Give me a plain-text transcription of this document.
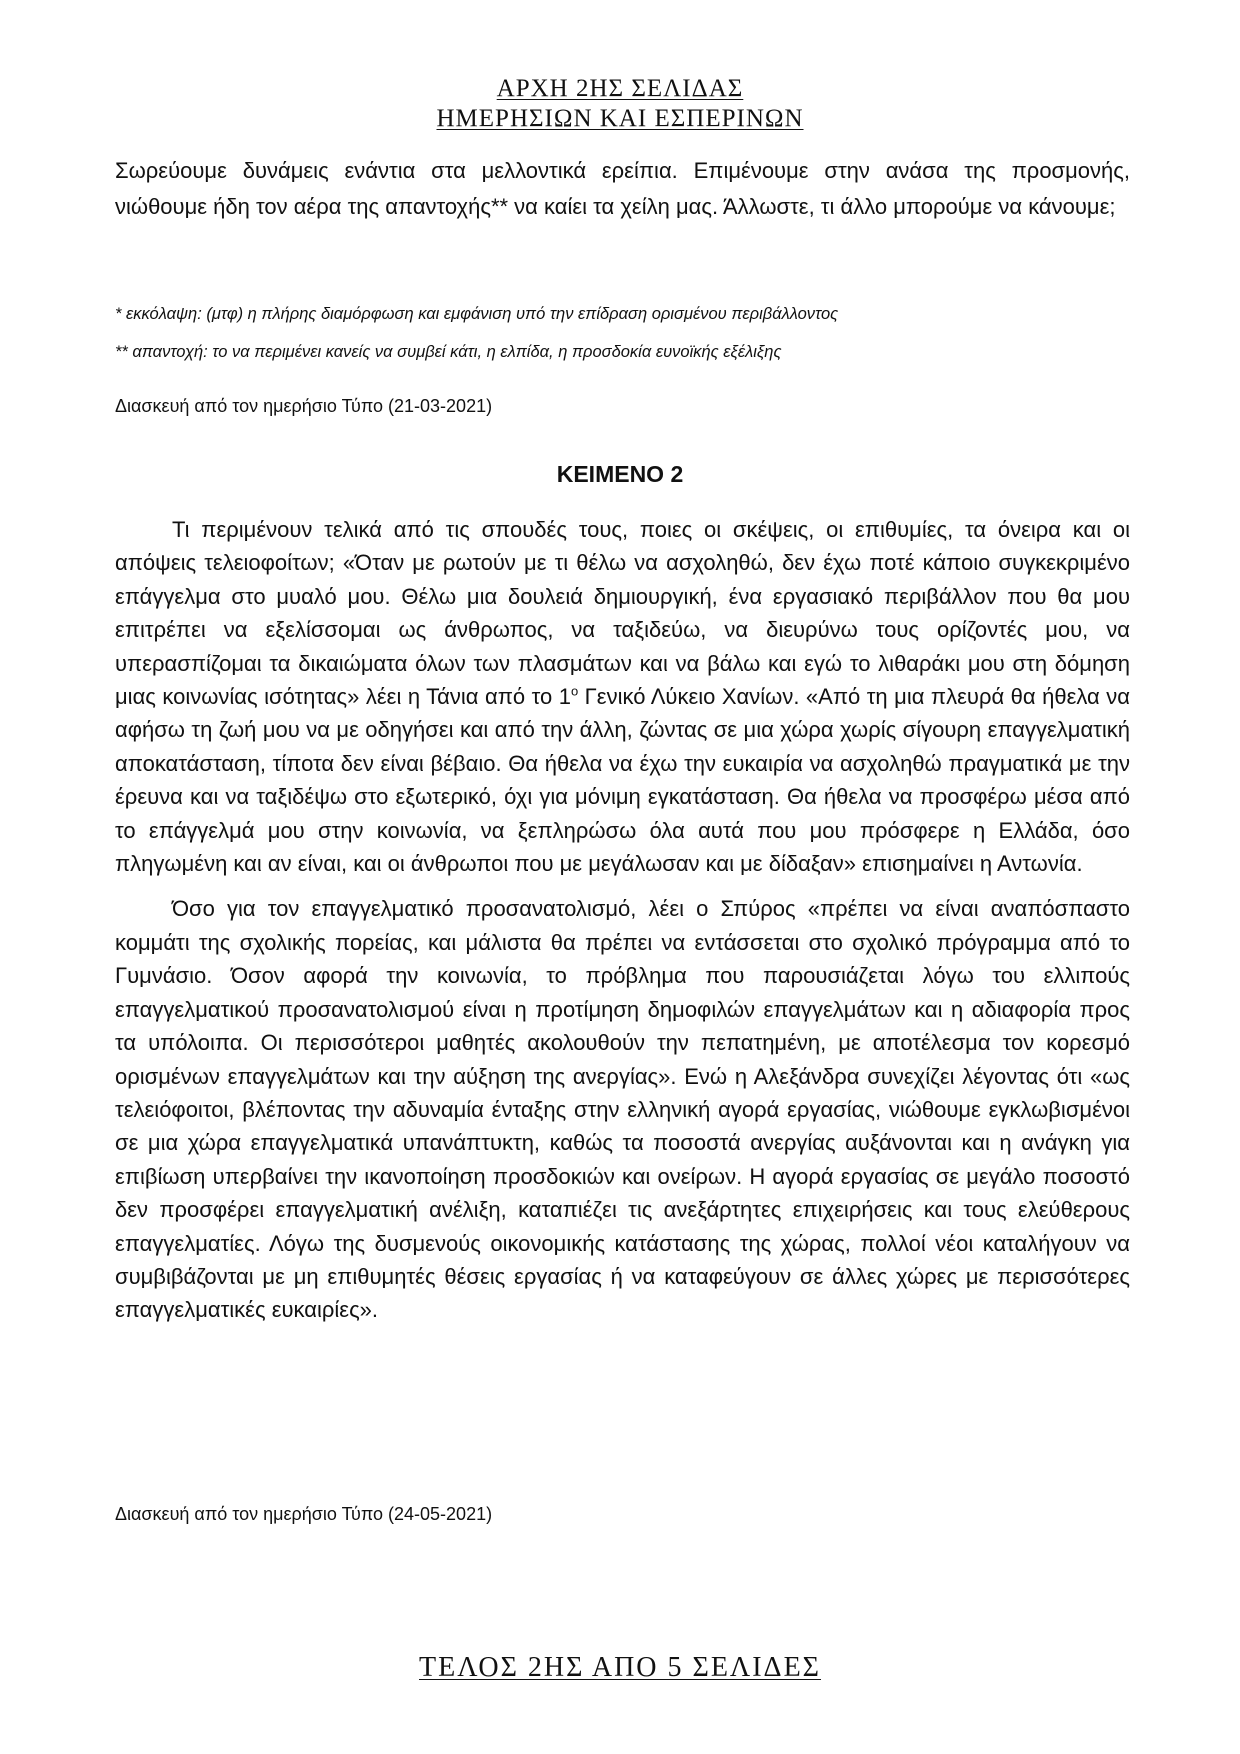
ΑΡΧΗ 2ΗΣ ΣΕΛΙΔΑΣ
ΗΜΕΡΗΣΙΩΝ ΚΑΙ ΕΣΠΕΡΙΝΩΝ
Σωρεύουμε δυνάμεις ενάντια στα μελλοντικά ερείπια. Επιμένουμε στην ανάσα της προσμονής, νιώθουμε ήδη τον αέρα της απαντοχής** να καίει τα χείλη μας. Άλλωστε, τι άλλο μπορούμε να κάνουμε;

* εκκόλαψη: (μτφ) η πλήρης διαμόρφωση και εμφάνιση υπό την επίδραση ορισμένου περιβάλλοντος

** απαντοχή: το να περιμένει κανείς να συμβεί κάτι, η ελπίδα, η προσδοκία ευνοϊκής εξέλιξης

Διασκευή από τον ημερήσιο Τύπο (21-03-2021)
ΚΕΙΜΕΝΟ 2

Τι περιμένουν τελικά από τις σπουδές τους, ποιες οι σκέψεις, οι επιθυμίες, τα όνειρα και οι απόψεις τελειοφοίτων; «Όταν με ρωτούν με τι θέλω να ασχοληθώ, δεν έχω ποτέ κάποιο συγκεκριμένο επάγγελμα στο μυαλό μου. Θέλω μια δουλειά δημιουργική, ένα εργασιακό περιβάλλον που θα μου επιτρέπει να εξελίσσομαι ως άνθρωπος, να ταξιδεύω, να διευρύνω τους ορίζοντές μου, να υπερασπίζομαι τα δικαιώματα όλων των πλασμάτων και να βάλω και εγώ το λιθαράκι μου στη δόμηση μιας κοινωνίας ισότητας» λέει η Τάνια από το $1^o$ Γενικό Λύκειο Χανίων. «Από τη μια πλευρά θα ήθελα να αφήσω τη ζωή μου να με οδηγήσει και από την άλλη, ζώντας σε μια χώρα χωρίς σίγουρη επαγγελματική αποκατάσταση, τίποτα δεν είναι βέβαιο. Θα ήθελα να έχω την ευκαιρία να ασχοληθώ πραγματικά με την έρευνα και να ταξιδέψω στο εξωτερικό, όχι για μόνιμη εγκατάσταση. Θα ήθελα να προσφέρω μέσα από το επάγγελμά μου στην κοινωνία, να ξεπληρώσω όλα αυτά που μου πρόσφερε η Ελλάδα, όσο πληγωμένη και αν είναι, και οι άνθρωποι που με μεγάλωσαν και με δίδαξαν» επισημαίνει η Αντωνία.

Όσο για τον επαγγελματικό προσανατολισμό, λέει ο Σπύρος «πρέπει να είναι αναπόσπαστο κομμάτι της σχολικής πορείας, και μάλιστα θα πρέπει να εντάσσεται στο σχολικό πρόγραμμα από το Γυμνάσιο. Όσον αφορά την κοινωνία, το πρόβλημα που παρουσιάζεται λόγω του ελλιπούς επαγγελματικού προσανατολισμού είναι η προτίμηση δημοφιλών επαγγελμάτων και η αδιαφορία προς τα υπόλοιπα. Οι περισσότεροι μαθητές ακολουθούν την πεπατημένη, με αποτέλεσμα τον κορεσμό ορισμένων επαγγελμάτων και την αύξηση της ανεργίας». Ενώ η Αλεξάνδρα συνεχίζει λέγοντας ότι «ως τελειόφοιτοι, βλέποντας την αδυναμία ένταξης στην ελληνική αγορά εργασίας, νιώθουμε εγκλωβισμένοι σε μια χώρα επαγγελματικά υπανάπτυκτη, καθώς τα ποσοστά ανεργίας αυξάνονται και η ανάγκη για επιβίωση υπερβαίνει την ικανοποίηση προσδοκιών και ονείρων. Η αγορά εργασίας σε μεγάλο ποσοστό δεν προσφέρει επαγγελματική ανέλιξη, καταπιέζει τις ανεξάρτητες επιχειρήσεις και τους ελεύθερους επαγγελματίες. Λόγω της δυσμενούς οικονομικής κατάστασης της χώρας, πολλοί νέοι καταλήγουν να συμβιβάζονται με μη επιθυμητές θέσεις εργασίας ή να καταφεύγουν σε άλλες χώρες με περισσότερες επαγγελματικές ευκαιρίες».

Διασκευή από τον ημερήσιο Τύπο (24-05-2021)
ΤΕΛΟΣ 2ΗΣ ΑΠΟ 5 ΣΕΛΙΔΕΣ
